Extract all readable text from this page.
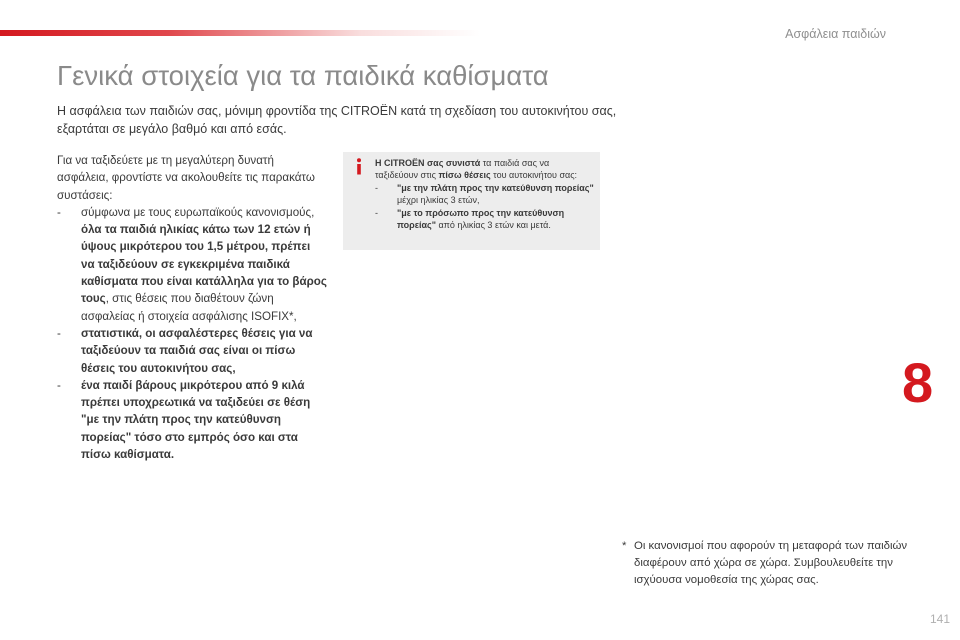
Ασφάλεια παιδιών
Γενικά στοιχεία για τα παιδικά καθίσματα
Η ασφάλεια των παιδιών σας, μόνιμη φροντίδα της CITROËN κατά τη σχεδίαση του αυτοκινήτου σας, εξαρτάται σε μεγάλο βαθμό και από εσάς.

Για να ταξιδεύετε με τη μεγαλύτερη δυνατή ασφάλεια, φροντίστε να ακολουθείτε τις παρακάτω συστάσεις:

- σύμφωνα με τους ευρωπαϊκούς κανονισμούς, όλα τα παιδιά ηλικίας κάτω των 12 ετών ή ύψους μικρότερου του 1,5 μέτρου, πρέπει να ταξιδεύουν σε εγκεκριμένα παιδικά καθίσματα που είναι κατάλληλα για το βάρος τους, στις θέσεις που διαθέτουν ζώνη ασφαλείας ή στοιχεία ασφάλισης ISOFIX*,
- στατιστικά, οι ασφαλέστερες θέσεις για να ταξιδεύουν τα παιδιά σας είναι οι πίσω θέσεις του αυτοκινήτου σας,
- ένα παιδί βάρους μικρότερου από 9 κιλά πρέπει υποχρεωτικά να ταξιδεύει σε θέση "με την πλάτη προς την κατεύθυνση πορείας" τόσο στο εμπρός όσο και στα πίσω καθίσματα.
Η CITROËN σας συνιστά τα παιδιά σας να ταξιδεύουν στις πίσω θέσεις του αυτοκινήτου σας:
- "με την πλάτη προς την κατεύθυνση πορείας" μέχρι ηλικίας 3 ετών,
- "με το πρόσωπο προς την κατεύθυνση πορείας" από ηλικίας 3 ετών και μετά.
8
* Οι κανονισμοί που αφορούν τη μεταφορά των παιδιών διαφέρουν από χώρα σε χώρα. Συμβουλευθείτε την ισχύουσα νομοθεσία της χώρας σας.
141
